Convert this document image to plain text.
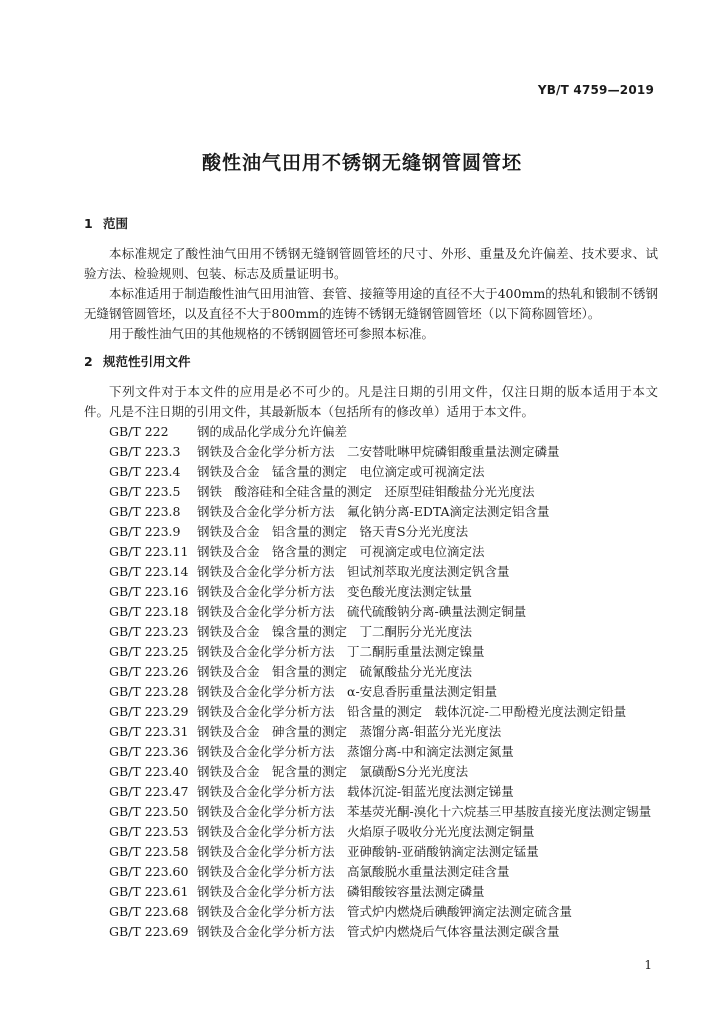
YB/T 4759—2019
酸性油气田用不锈钢无缝钢管圆管坯
1 范围

本标准规定了酸性油气田用不锈钢无缝钢管圆管坯的尺寸、外形、重量及允许偏差、技术要求、试验方法、检验规则、包装、标志及质量证明书。

本标准适用于制造酸性油气田用油管、套管、接箍等用途的直径不大于400mm的热轧和锻制不锈钢无缝钢管圆管坯，以及直径不大于800mm的连铸不锈钢无缝钢管圆管坯（以下简称圆管坯）。

用于酸性油气田的其他规格的不锈钢圆管坯可参照本标准。

2 规范性引用文件

下列文件对于本文件的应用是必不可少的。凡是注日期的引用文件，仅注日期的版本适用于本文件。凡是不注日期的引用文件，其最新版本（包括所有的修改单）适用于本文件。

GB/T 222	钢的成品化学成分允许偏差
GB/T 223.3	钢铁及合金化学分析方法　二安替吡啉甲烷磷钼酸重量法测定磷量
GB/T 223.4	钢铁及合金　锰含量的测定　电位滴定或可视滴定法
GB/T 223.5	钢铁　酸溶硅和全硅含量的测定　还原型硅钼酸盐分光光度法
GB/T 223.8	钢铁及合金化学分析方法　氟化钠分离-EDTA滴定法测定铝含量
GB/T 223.9	钢铁及合金　铝含量的测定　铬天青S分光光度法
GB/T 223.11 钢铁及合金　铬含量的测定　可视滴定或电位滴定法
GB/T 223.14 钢铁及合金化学分析方法　钽试剂萃取光度法测定钒含量
GB/T 223.16 钢铁及合金化学分析方法　变色酸光度法测定钛量
GB/T 223.18 钢铁及合金化学分析方法　硫代硫酸钠分离-碘量法测定铜量
GB/T 223.23 钢铁及合金　镍含量的测定　丁二酮肟分光光度法
GB/T 223.25 钢铁及合金化学分析方法　丁二酮肟重量法测定镍量
GB/T 223.26 钢铁及合金　钼含量的测定　硫氰酸盐分光光度法
GB/T 223.28 钢铁及合金化学分析方法　α-安息香肟重量法测定钼量
GB/T 223.29 钢铁及合金化学分析方法　铅含量的测定　载体沉淀-二甲酚橙光度法测定铅量
GB/T 223.31 钢铁及合金　砷含量的测定　蒸馏分离-钼蓝分光光度法
GB/T 223.36 钢铁及合金化学分析方法　蒸馏分离-中和滴定法测定氮量
GB/T 223.40 钢铁及合金　铌含量的测定　氯磺酚S分光光度法
GB/T 223.47 钢铁及合金化学分析方法　载体沉淀-钼蓝光度法测定锑量
GB/T 223.50 钢铁及合金化学分析方法　苯基荧光酮-溴化十六烷基三甲基胺直接光度法测定锡量
GB/T 223.53 钢铁及合金化学分析方法　火焰原子吸收分光光度法测定铜量
GB/T 223.58 钢铁及合金化学分析方法　亚砷酸钠-亚硝酸钠滴定法测定锰量
GB/T 223.60 钢铁及合金化学分析方法　高氯酸脱水重量法测定硅含量
GB/T 223.61 钢铁及合金化学分析方法　磷钼酸铵容量法测定磷量
GB/T 223.68 钢铁及合金化学分析方法　管式炉内燃烧后碘酸钾滴定法测定硫含量
GB/T 223.69 钢铁及合金化学分析方法　管式炉内燃烧后气体容量法测定碳含量
1
